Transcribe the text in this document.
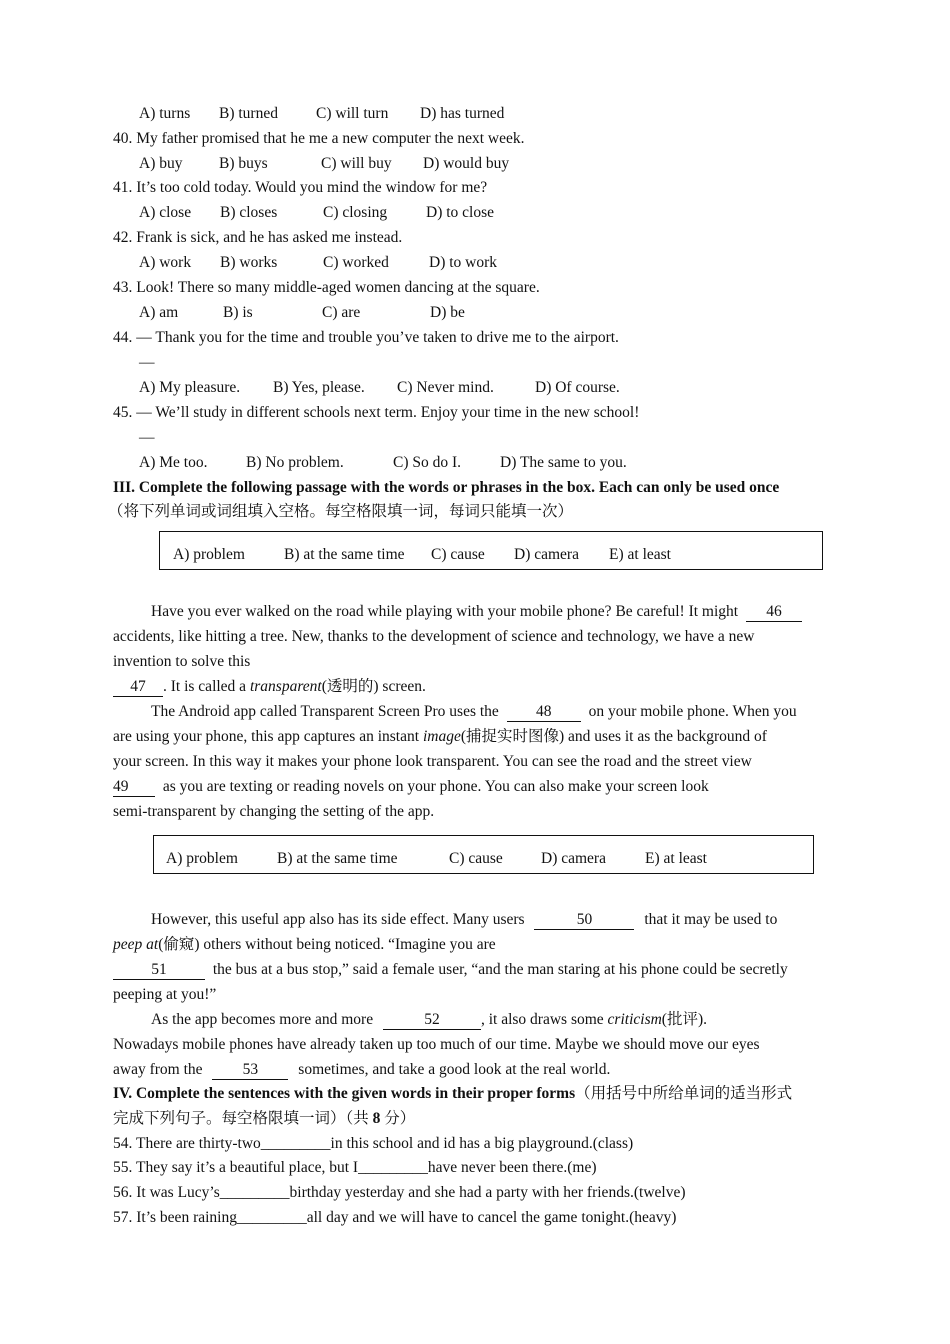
A) turns B) turned C) will turn D) has turned
40. My father promised that he me a new computer the next week.
A) buy B) buys	C) will buy D) would buy
41. It’s too cold today. Would you mind the window for me?
A) close B) closes	C) closing	D) to close
42. Frank is sick, and he has asked me instead.
A) work B) works	C) worked	D) to work
43. Look! There so many middle-aged women dancing at the square.
A) am	B) is	C) are	D) be
44. — Thank you for the time and trouble you’ve taken to drive me to the airport.
—
A) My pleasure. B) Yes, please. C) Never mind.	D) Of course.
45. — We’ll study in different schools next term. Enjoy your time in the new school!
—
A) Me too. B) No problem.	C) So do I.	D) The same to you.
III. Complete the following passage with the words or phrases in the box. Each can only be used once
（将下列单词或词组填入空格。每空格限填一词，每词只能填一次）
A) problem	B) at the same time C) cause D) camera E) at least
Have you ever walked on the road while playing with your mobile phone? Be careful! It might 46
accidents, like hitting a tree. New, thanks to the development of science and technology, we have a new
invention to solve this
47 . It is called a transparent(透明的) screen.
The Android app called Transparent Screen Pro uses the 48 on your mobile phone. When you
are using your phone, this app captures an instant image(捕捉实时图像) and uses it as the background of
your screen. In this way it makes your phone look transparent. You can see the road and the street view
49 as you are texting or reading novels on your phone. You can also make your screen look
semi-transparent by changing the setting of the app.
A) problem	B) at the same time	C) cause D) camera	E) at least
However, this useful app also has its side effect. Many users	50	that it may be used to
peep at(偷窥) others without being noticed. “Imagine you are
51	the bus at a bus stop,” said a female user, “and the man staring at his phone could be secretly
peeping at you!”
As the app becomes more and more	52	, it also draws some criticism(批评).
Nowadays mobile phones have already taken up too much of our time. Maybe we should move our eyes
away from the	53	sometimes, and take a good look at the real world.
IV. Complete the sentences with the given words in their proper forms（用括号中所给单词的适当形式
完成下列句子。每空格限填一词）（共 8 分）
54. There are thirty-two_________in this school and id has a big playground.(class)
55. They say it’s a beautiful place, but I_________have never been there.(me)
56. It was Lucy’s_________birthday yesterday and she had a party with her friends.(twelve)
57. It’s been raining_________all day and we will have to cancel the game tonight.(heavy)
